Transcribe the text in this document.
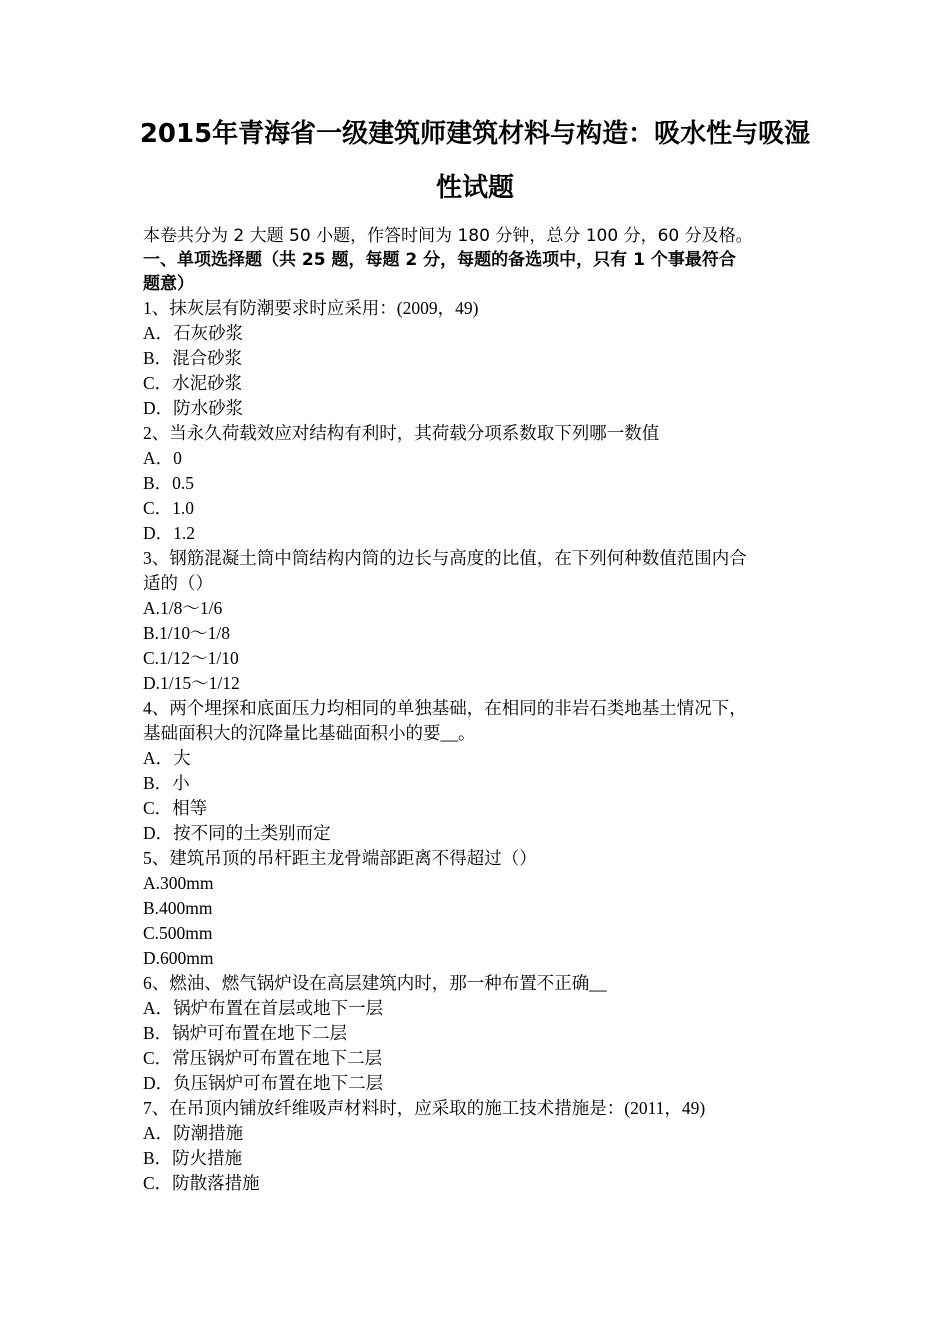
2015年青海省一级建筑师建筑材料与构造：吸水性与吸湿
性试题
本卷共分为 2 大题 50 小题，作答时间为 180 分钟，总分 100 分，60 分及格。
一、单项选择题（共 25 题，每题 2 分，每题的备选项中，只有 1 个事最符合
题意）
1、抹灰层有防潮要求时应采用：(2009，49)
A．石灰砂浆
B．混合砂浆
C．水泥砂浆
D．防水砂浆
2、当永久荷载效应对结构有利时，其荷载分项系数取下列哪一数值
A．0
B．0.5
C．1.0
D．1.2
3、钢筋混凝土筒中筒结构内筒的边长与高度的比值，在下列何种数值范围内合
适的（）
A.1/8～1/6
B.1/10～1/8
C.1/12～1/10
D.1/15～1/12
4、两个埋探和底面压力均相同的单独基础，在相同的非岩石类地基土情况下，
基础面积大的沉降量比基础面积小的要__。
A．大
B．小
C．相等
D．按不同的土类别而定
5、建筑吊顶的吊杆距主龙骨端部距离不得超过（）
A.300mm
B.400mm
C.500mm
D.600mm
6、燃油、燃气锅炉设在高层建筑内时，那一种布置不正确__
A．锅炉布置在首层或地下一层
B．锅炉可布置在地下二层
C．常压锅炉可布置在地下二层
D．负压锅炉可布置在地下二层
7、在吊顶内铺放纤维吸声材料时，应采取的施工技术措施是：(2011，49)
A．防潮措施
B．防火措施
C．防散落措施
